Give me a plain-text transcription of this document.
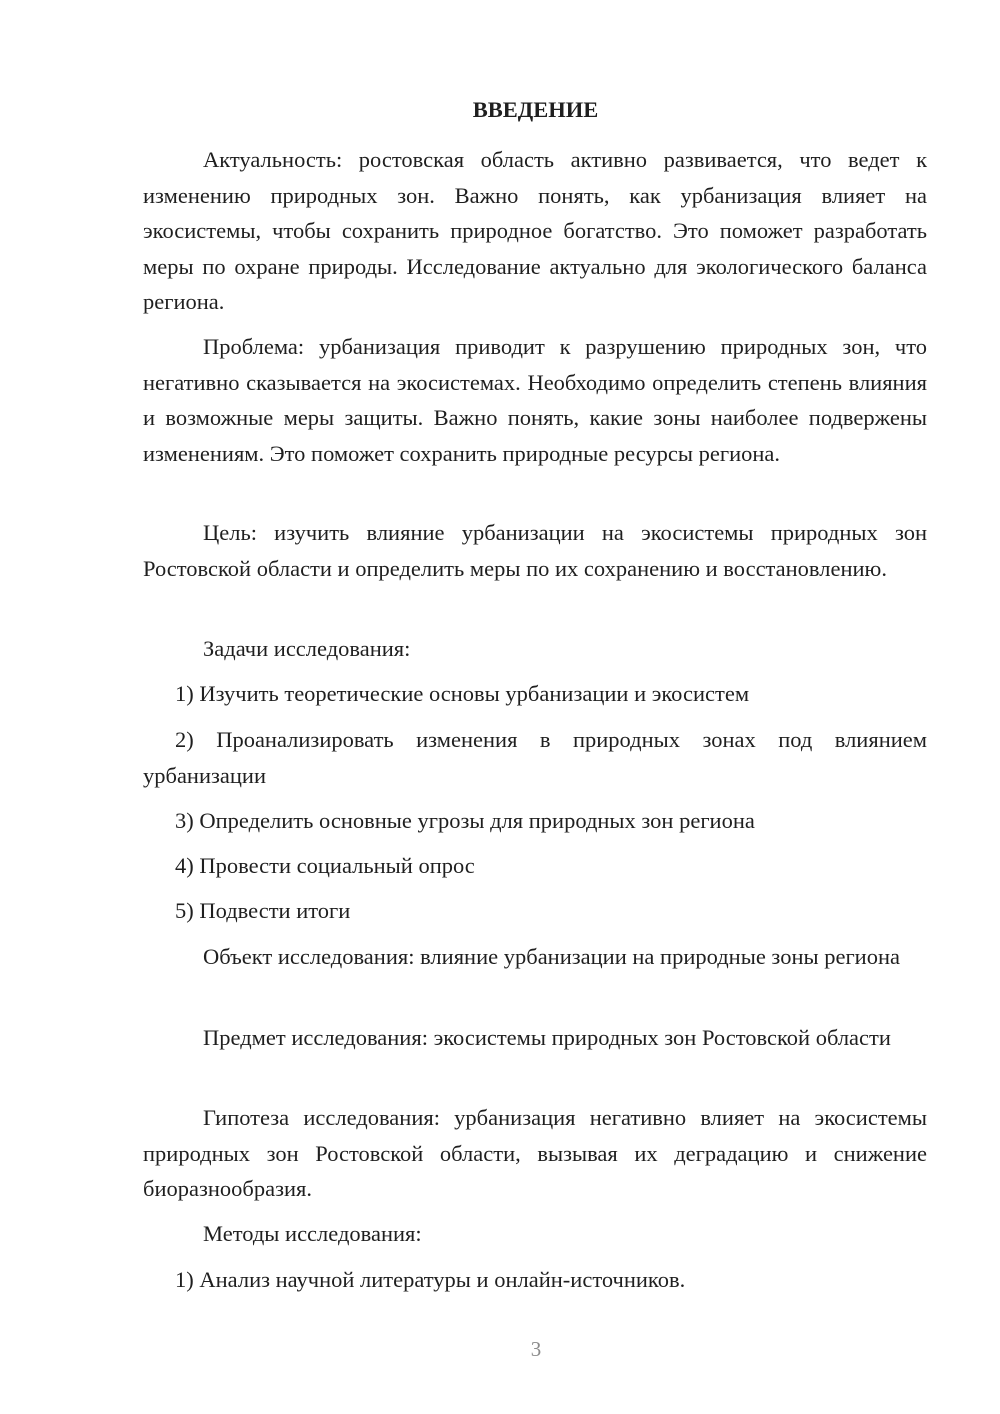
ВВЕДЕНИЕ

Актуальность: ростовская область активно развивается, что ведет к изменению природных зон. Важно понять, как урбанизация влияет на экосистемы, чтобы сохранить природное богатство. Это поможет разработать меры по охране природы. Исследование актуально для экологического баланса региона.

Проблема: урбанизация приводит к разрушению природных зон, что негативно сказывается на экосистемах. Необходимо определить степень влияния и возможные меры защиты. Важно понять, какие зоны наиболее подвержены изменениям. Это поможет сохранить природные ресурсы региона.

Цель: изучить влияние урбанизации на экосистемы природных зон Ростовской области и определить меры по их сохранению и восстановлению.

Задачи исследования:

1) Изучить теоретические основы урбанизации и экосистем

2) Проанализировать изменения в природных зонах под влиянием урбанизации

3) Определить основные угрозы для природных зон региона

4) Провести социальный опрос

5) Подвести итоги

Объект исследования: влияние урбанизации на природные зоны региона

Предмет исследования: экосистемы природных зон Ростовской области

Гипотеза исследования: урбанизация негативно влияет на экосистемы природных зон Ростовской области, вызывая их деградацию и снижение биоразнообразия.

Методы исследования:

1) Анализ научной литературы и онлайн-источников.

3
